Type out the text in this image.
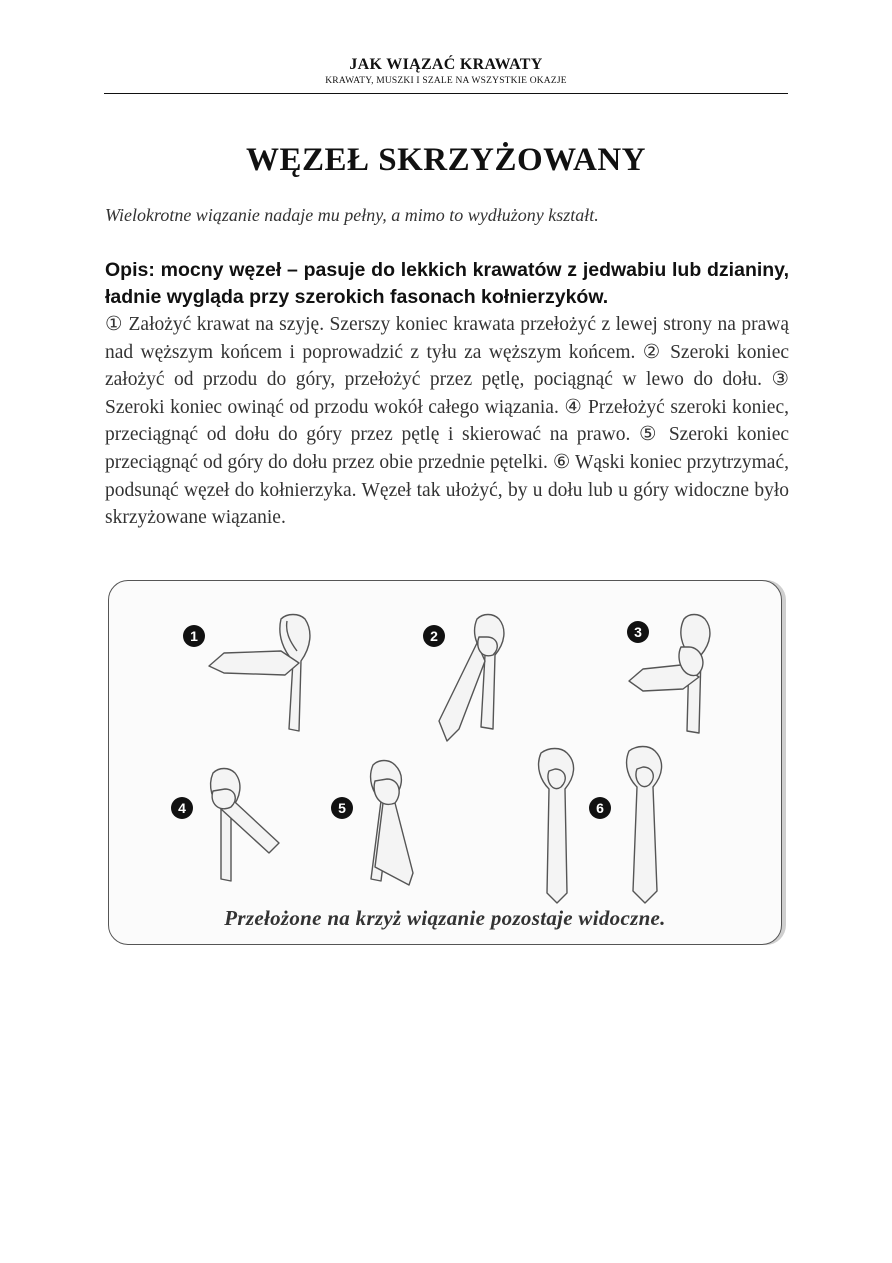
JAK WIĄZAĆ KRAWATY
KRAWATY, MUSZKI I SZALE NA WSZYSTKIE OKAZJE
WĘZEŁ SKRZYŻOWANY
Wielokrotne wiązanie nadaje mu pełny, a mimo to wydłużony kształt.
Opis: mocny węzeł – pasuje do lekkich krawatów z jedwabiu lub dzianiny, ładnie wygląda przy szerokich fasonach kołnierzyków.
① Założyć krawat na szyję. Szerszy koniec krawata przełożyć z lewej strony na prawą nad węższym końcem i poprowadzić z tyłu za węższym końcem. ② Szeroki koniec założyć od przodu do góry, przełożyć przez pętlę, pociągnąć w lewo do dołu. ③ Szeroki koniec owinąć od przodu wokół całego wiązania. ④ Przełożyć szeroki koniec, przeciągnąć od dołu do góry przez pętlę i skierować na prawo. ⑤ Szeroki koniec przeciągnąć od góry do dołu przez obie przednie pętelki. ⑥ Wąski koniec przytrzymać, podsunąć węzeł do kołnierzyka. Węzeł tak ułożyć, by u dołu lub u góry widoczne było skrzyżowane wiązanie.
1	2	3
4	5	6
Przełożone na krzyż wiązanie pozostaje widoczne.
